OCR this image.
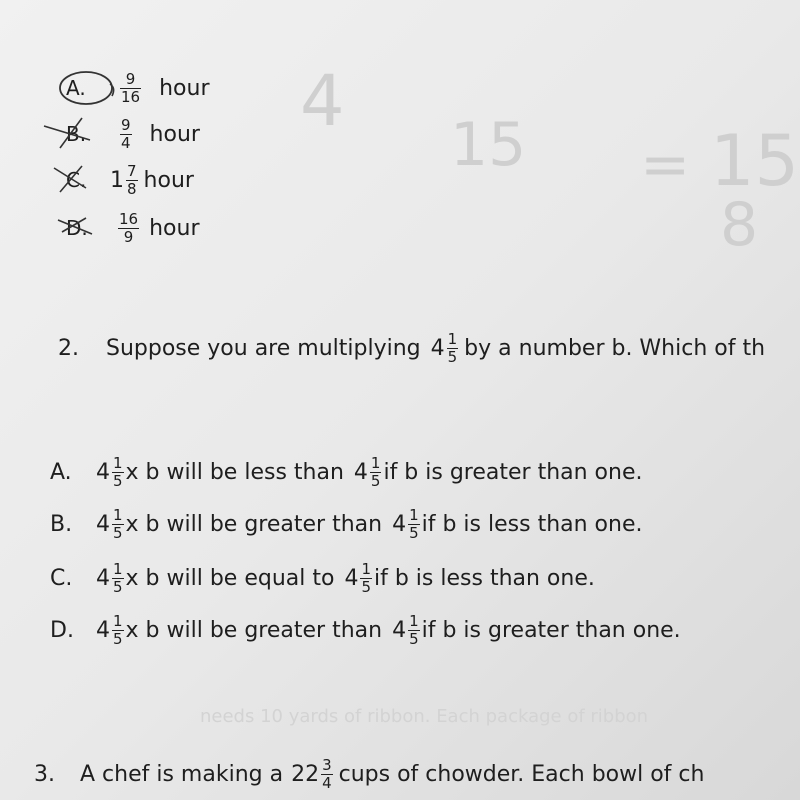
4
15 = 15
8
A.	$\frac{9}{16}$ hour
B.	$\frac{9}{4}$ hour
C.	$1 \frac{7}{8}$ hour
D.	$\frac{16}{9}$ hour
2.	Suppose you are multiplying $4 \frac{1}{5}$ by a number b. Which of th
A.	$4 \frac{1}{5}$ x b will be less than $4 \frac{1}{5}$ if b is greater than one.
B.	$4 \frac{1}{5}$ x b will be greater than $4 \frac{1}{5}$ if b is less than one.
C.	$4 \frac{1}{5}$ x b will be equal to $4 \frac{1}{5}$ if b is less than one.
D.	$4 \frac{1}{5}$ x b will be greater than $4 \frac{1}{5}$ if b is greater than one.
needs 10 yards of ribbon. Each package of ribbon
3.	A chef is making a $22 \frac{3}{4}$ cups of chowder. Each bowl of ch
